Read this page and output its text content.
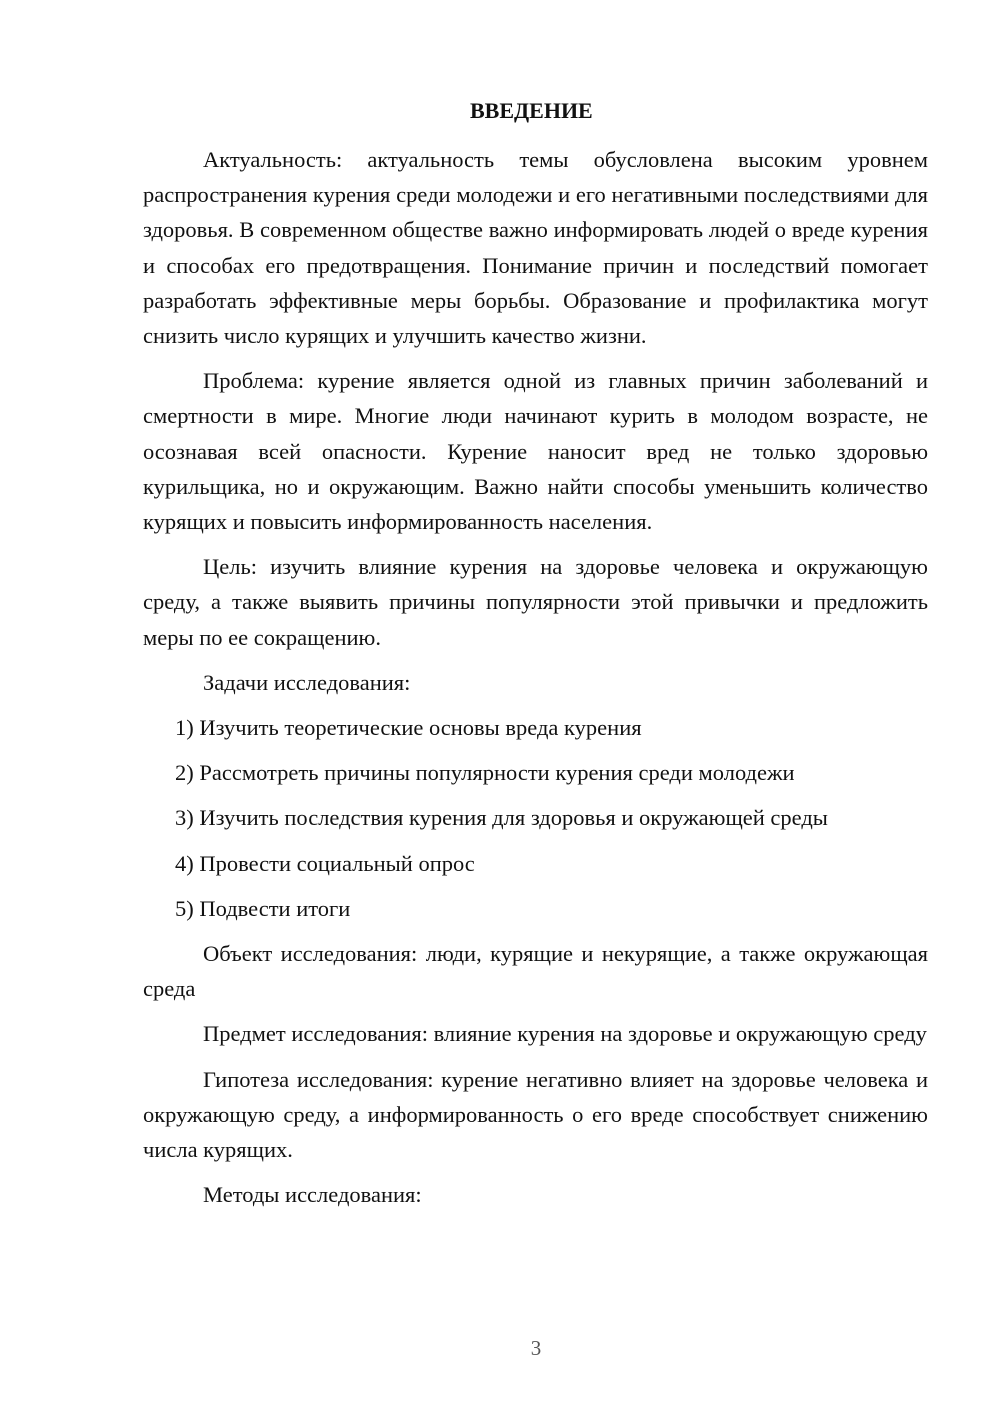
ВВЕДЕНИЕ

Актуальность: актуальность темы обусловлена высоким уровнем распространения курения среди молодежи и его негативными последствиями для здоровья. В современном обществе важно информировать людей о вреде курения и способах его предотвращения. Понимание причин и последствий помогает разработать эффективные меры борьбы. Образование и профилактика могут снизить число курящих и улучшить качество жизни.

Проблема: курение является одной из главных причин заболеваний и смертности в мире. Многие люди начинают курить в молодом возрасте, не осознавая всей опасности. Курение наносит вред не только здоровью курильщика, но и окружающим. Важно найти способы уменьшить количество курящих и повысить информированность населения.

Цель: изучить влияние курения на здоровье человека и окружающую среду, а также выявить причины популярности этой привычки и предложить меры по ее сокращению.

Задачи исследования:

1) Изучить теоретические основы вреда курения

2) Рассмотреть причины популярности курения среди молодежи

3) Изучить последствия курения для здоровья и окружающей среды

4) Провести социальный опрос

5) Подвести итоги

Объект исследования: люди, курящие и некурящие, а также окружающая среда

Предмет исследования: влияние курения на здоровье и окружающую среду

Гипотеза исследования: курение негативно влияет на здоровье человека и окружающую среду, а информированность о его вреде способствует снижению числа курящих.

Методы исследования:

3
